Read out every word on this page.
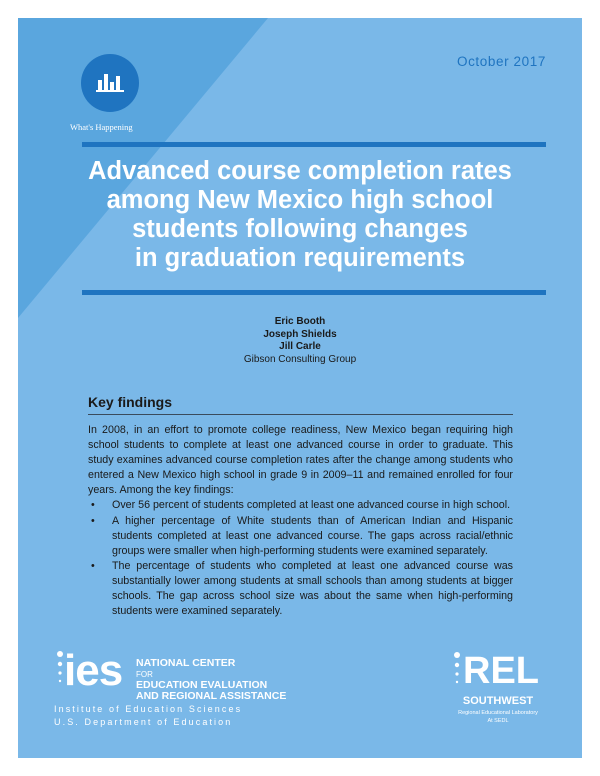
October 2017
What's Happening
Advanced course completion rates
among New Mexico high school
students following changes
in graduation requirements
Eric Booth
Joseph Shields
Jill Carle
Gibson Consulting Group
Key findings

In 2008, in an effort to promote college readiness, New Mexico began requiring high school students to complete at least one advanced course in order to graduate. This study examines advanced course completion rates after the change among students who entered a New Mexico high school in grade 9 in 2009–11 and remained enrolled for four years. Among the key findings:

• Over 56 percent of students completed at least one advanced course in high school.
• A higher percentage of White students than of American Indian and Hispanic students completed at least one advanced course. The gaps across racial/ethnic groups were smaller when high-performing students were examined separately.
• The percentage of students who completed at least one advanced course was substantially lower among students at small schools than among students at bigger schools. The gap across school size was about the same when high-performing students were examined separately.
ies NATIONAL CENTER
FOR
EDUCATION EVALUATION
AND REGIONAL ASSISTANCE
Institute of Education Sciences
U.S. Department of Education
REL
SOUTHWEST
Regional Educational Laboratory
At SEDL
